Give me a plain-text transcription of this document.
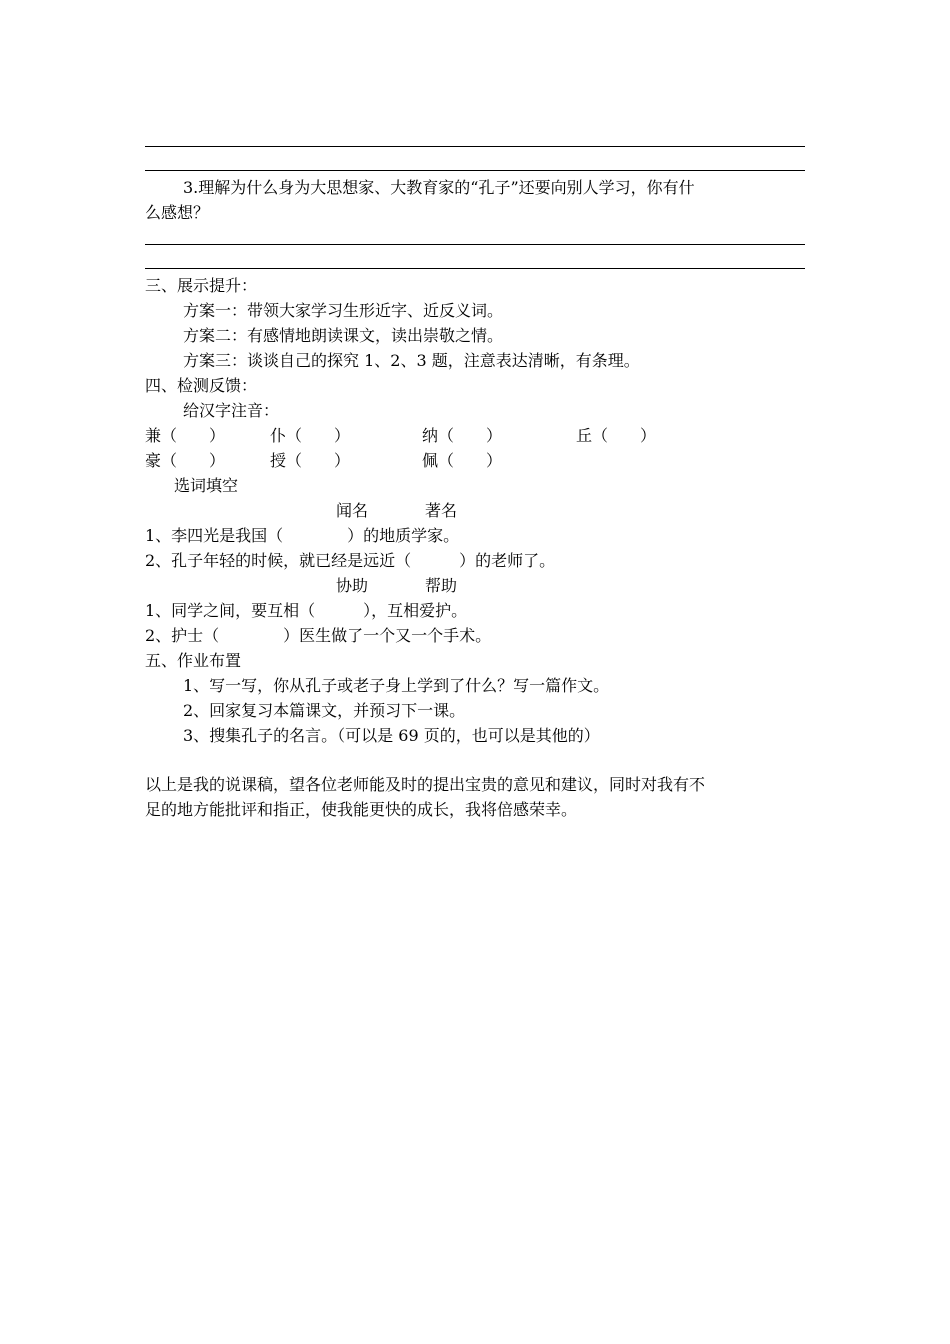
3.理解为什么身为大思想家、大教育家的“孔子”还要向别人学习，你有什
么感想？
三、展示提升：
方案一：带领大家学习生形近字、近反义词。
方案二：有感情地朗读课文，读出崇敬之情。
方案三：谈谈自己的探究 1、2、3 题，注意表达清晰，有条理。
四、检测反馈：
给汉字注音：
兼（　　）	仆（　　）	纳（　　）	丘（　　）
豪（　　）	授（　　）	佩（　　）
选词填空
闻名	著名
1、李四光是我国（　　　　）的地质学家。
2、孔子年轻的时候，就已经是远近（　　　）的老师了。
协助	帮助
1、同学之间，要互相（　　　），互相爱护。
2、护士（　　　　）医生做了一个又一个手术。
五、作业布置
1、写一写，你从孔子或老子身上学到了什么？写一篇作文。
2、回家复习本篇课文，并预习下一课。
3、搜集孔子的名言。（可以是 69 页的，也可以是其他的）
以上是我的说课稿，望各位老师能及时的提出宝贵的意见和建议，同时对我有不
足的地方能批评和指正，使我能更快的成长，我将倍感荣幸。
